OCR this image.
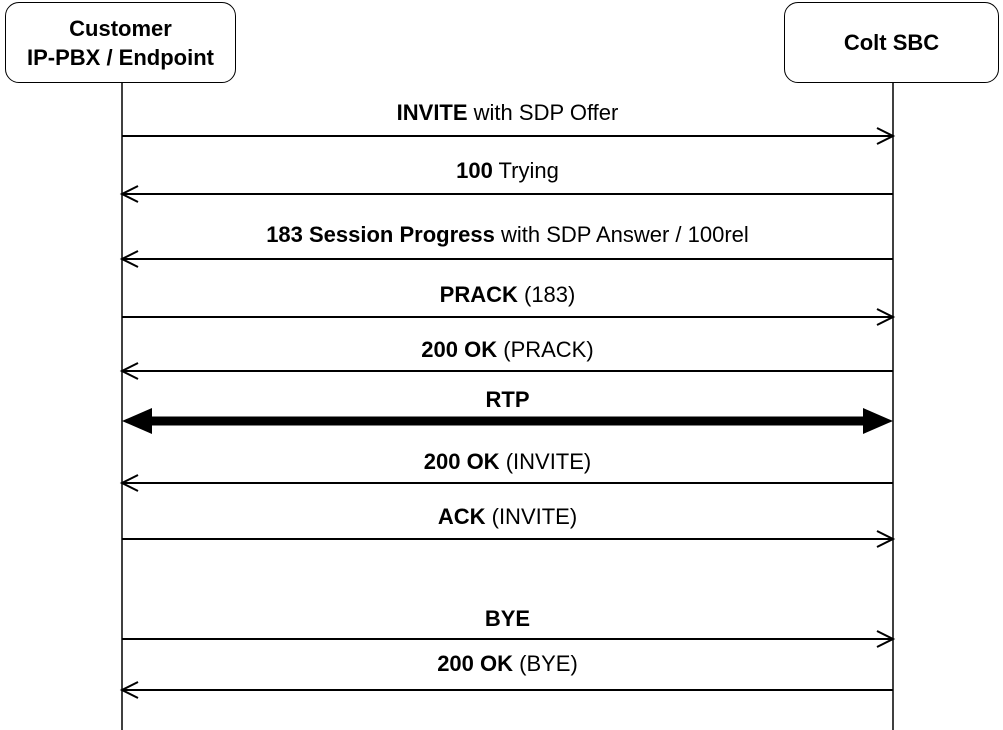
Customer
IP-PBX / Endpoint
Colt SBC
INVITE with SDP Offer
100 Trying
183 Session Progress with SDP Answer / 100rel
PRACK (183)
200 OK (PRACK)
RTP
200 OK (INVITE)
ACK (INVITE)
BYE
200 OK (BYE)
